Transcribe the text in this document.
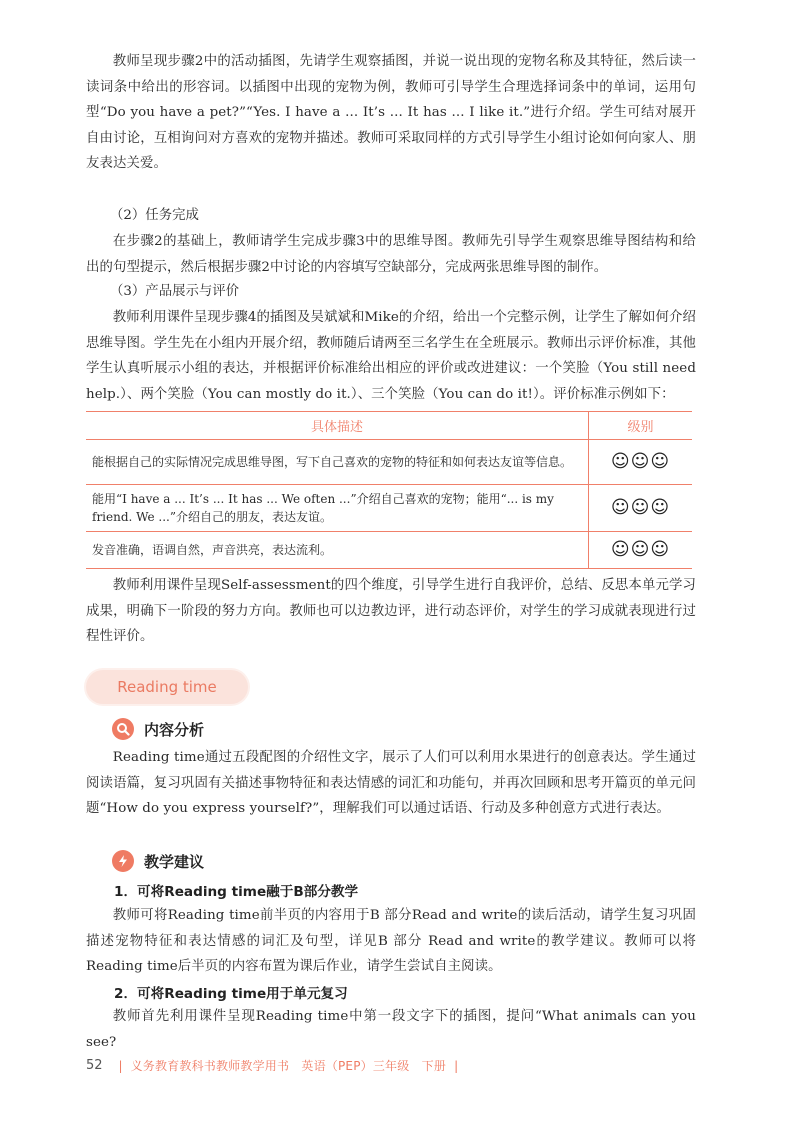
教师呈现步骤2中的活动插图，先请学生观察插图，并说一说出现的宠物名称及其特征，然后读一读词条中给出的形容词。以插图中出现的宠物为例，教师可引导学生合理选择词条中的单词，运用句型“Do you have a pet?”“Yes. I have a ... It’s ... It has ... I like it.”进行介绍。学生可结对展开自由讨论，互相询问对方喜欢的宠物并描述。教师可采取同样的方式引导学生小组讨论如何向家人、朋友表达关爱。

（2）任务完成

在步骤2的基础上，教师请学生完成步骤3中的思维导图。教师先引导学生观察思维导图结构和给出的句型提示，然后根据步骤2中讨论的内容填写空缺部分，完成两张思维导图的制作。

（3）产品展示与评价

教师利用课件呈现步骤4的插图及吴斌斌和Mike的介绍，给出一个完整示例，让学生了解如何介绍思维导图。学生先在小组内开展介绍，教师随后请两至三名学生在全班展示。教师出示评价标准，其他学生认真听展示小组的表达，并根据评价标准给出相应的评价或改进建议：一个笑脸（You still need help.）、两个笑脸（You can mostly do it.）、三个笑脸（You can do it!）。评价标准示例如下：

具体描述	级别
能根据自己的实际情况完成思维导图，写下自己喜欢的宠物的特征和如何表达友谊等信息。	☺☺☺
能用“I have a ... It’s ... It has ... We often ...”介绍自己喜欢的宠物；能用“... is my friend. We ...”介绍自己的朋友，表达友谊。	☺☺☺
发音准确，语调自然，声音洪亮，表达流利。	☺☺☺

教师利用课件呈现Self-assessment的四个维度，引导学生进行自我评价，总结、反思本单元学习成果，明确下一阶段的努力方向。教师也可以边教边评，进行动态评价，对学生的学习成就表现进行过程性评价。

Reading time
内容分析

Reading time通过五段配图的介绍性文字，展示了人们可以利用水果进行的创意表达。学生通过阅读语篇，复习巩固有关描述事物特征和表达情感的词汇和功能句，并再次回顾和思考开篇页的单元问题“How do you express yourself?”，理解我们可以通过话语、行动及多种创意方式进行表达。

教学建议

1．可将Reading time融于B部分教学

教师可将Reading time前半页的内容用于B 部分Read and write的读后活动，请学生复习巩固描述宠物特征和表达情感的词汇及句型，详见B 部分 Read and write的教学建议。教师可以将Reading time后半页的内容布置为课后作业，请学生尝试自主阅读。

2．可将Reading time用于单元复习

教师首先利用课件呈现Reading time中第一段文字下的插图，提问“What animals can you see?

52 | 义务教育教科书教师教学用书　英语（PEP）三年级　下册 |
